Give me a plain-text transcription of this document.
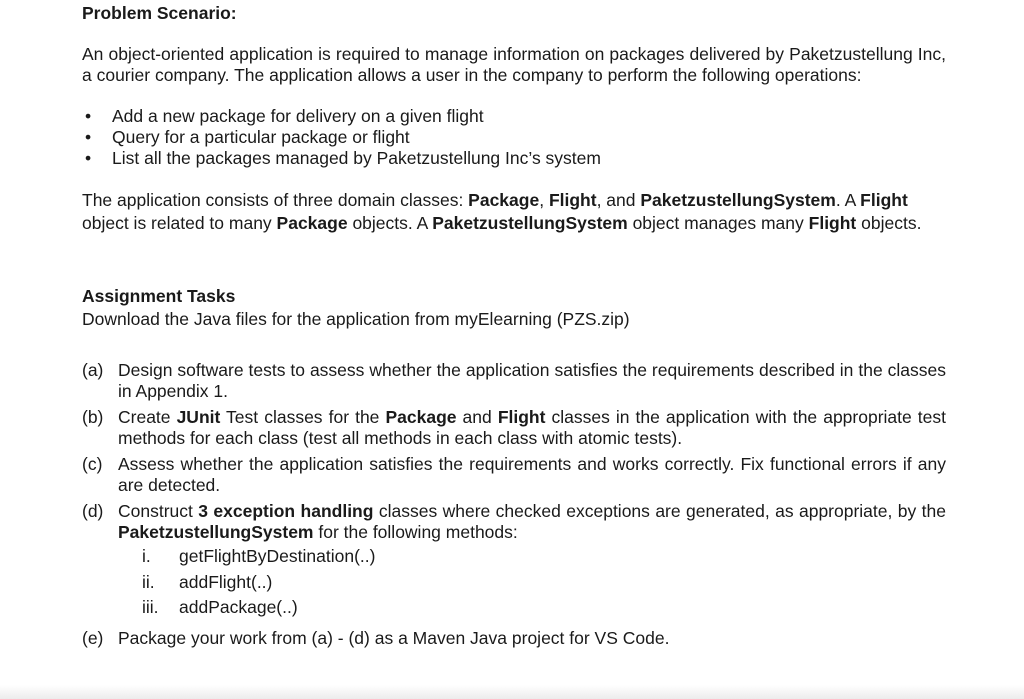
Problem Scenario:

An object-oriented application is required to manage information on packages delivered by Paketzustellung Inc, a courier company. The application allows a user in the company to perform the following operations:

• Add a new package for delivery on a given flight
• Query for a particular package or flight
• List all the packages managed by Paketzustellung Inc’s system

The application consists of three domain classes: Package, Flight, and PaketzustellungSystem. A Flight object is related to many Package objects. A PaketzustellungSystem object manages many Flight objects.

Assignment Tasks

Download the Java files for the application from myElearning (PZS.zip)

(a) Design software tests to assess whether the application satisfies the requirements described in the classes in Appendix 1.
(b) Create JUnit Test classes for the Package and Flight classes in the application with the appropriate test methods for each class (test all methods in each class with atomic tests).
(c) Assess whether the application satisfies the requirements and works correctly. Fix functional errors if any are detected.
(d) Construct 3 exception handling classes where checked exceptions are generated, as appropriate, by the PaketzustellungSystem for the following methods:
i. getFlightByDestination(..)
ii. addFlight(..)
iii. addPackage(..)
(e) Package your work from (a) - (d) as a Maven Java project for VS Code.
